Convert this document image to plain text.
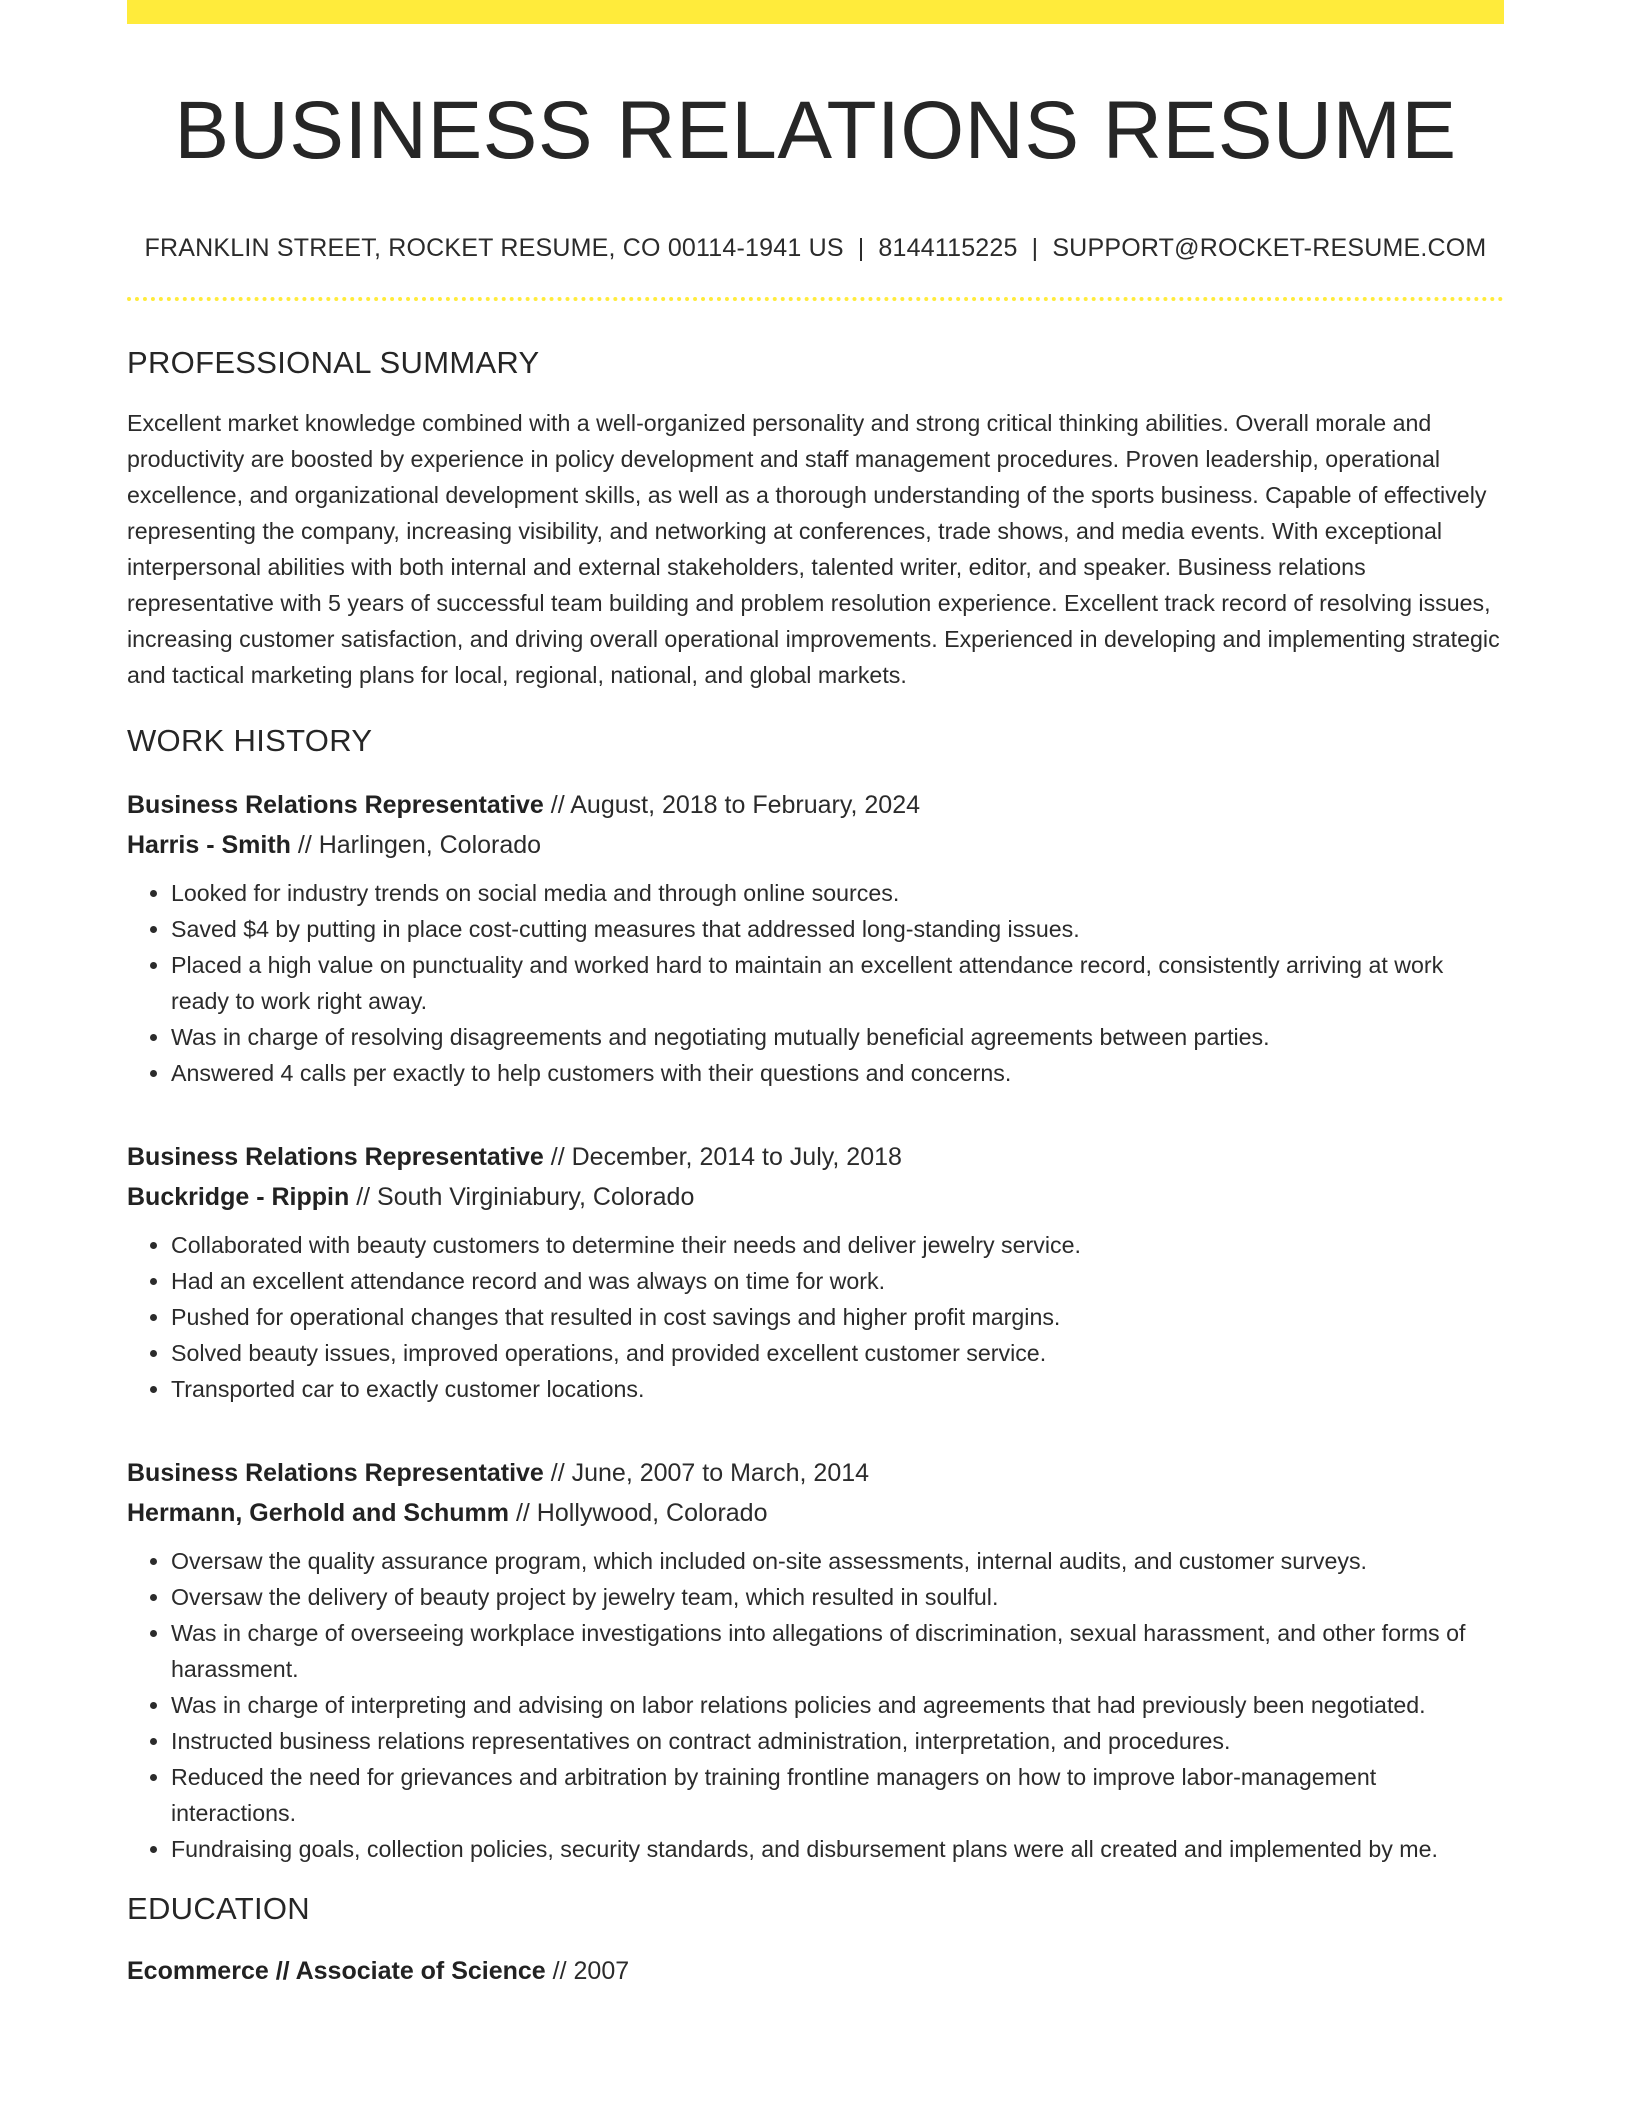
BUSINESS RELATIONS RESUME
FRANKLIN STREET, ROCKET RESUME, CO 00114-1941 US | 8144115225 | SUPPORT@ROCKET-RESUME.COM
PROFESSIONAL SUMMARY

Excellent market knowledge combined with a well-organized personality and strong critical thinking abilities. Overall morale and productivity are boosted by experience in policy development and staff management procedures. Proven leadership, operational excellence, and organizational development skills, as well as a thorough understanding of the sports business. Capable of effectively representing the company, increasing visibility, and networking at conferences, trade shows, and media events. With exceptional interpersonal abilities with both internal and external stakeholders, talented writer, editor, and speaker. Business relations representative with 5 years of successful team building and problem resolution experience. Excellent track record of resolving issues, increasing customer satisfaction, and driving overall operational improvements. Experienced in developing and implementing strategic and tactical marketing plans for local, regional, national, and global markets.

WORK HISTORY
Business Relations Representative // August, 2018 to February, 2024
Harris - Smith // Harlingen, Colorado
• Looked for industry trends on social media and through online sources.
• Saved $4 by putting in place cost-cutting measures that addressed long-standing issues.
• Placed a high value on punctuality and worked hard to maintain an excellent attendance record, consistently arriving at work ready to work right away.
• Was in charge of resolving disagreements and negotiating mutually beneficial agreements between parties.
• Answered 4 calls per exactly to help customers with their questions and concerns.
Business Relations Representative // December, 2014 to July, 2018
Buckridge - Rippin // South Virginiabury, Colorado
• Collaborated with beauty customers to determine their needs and deliver jewelry service.
• Had an excellent attendance record and was always on time for work.
• Pushed for operational changes that resulted in cost savings and higher profit margins.
• Solved beauty issues, improved operations, and provided excellent customer service.
• Transported car to exactly customer locations.
Business Relations Representative // June, 2007 to March, 2014
Hermann, Gerhold and Schumm // Hollywood, Colorado
• Oversaw the quality assurance program, which included on-site assessments, internal audits, and customer surveys.
• Oversaw the delivery of beauty project by jewelry team, which resulted in soulful.
• Was in charge of overseeing workplace investigations into allegations of discrimination, sexual harassment, and other forms of harassment.
• Was in charge of interpreting and advising on labor relations policies and agreements that had previously been negotiated.
• Instructed business relations representatives on contract administration, interpretation, and procedures.
• Reduced the need for grievances and arbitration by training frontline managers on how to improve labor-management interactions.
• Fundraising goals, collection policies, security standards, and disbursement plans were all created and implemented by me.
EDUCATION
Ecommerce // Associate of Science // 2007
